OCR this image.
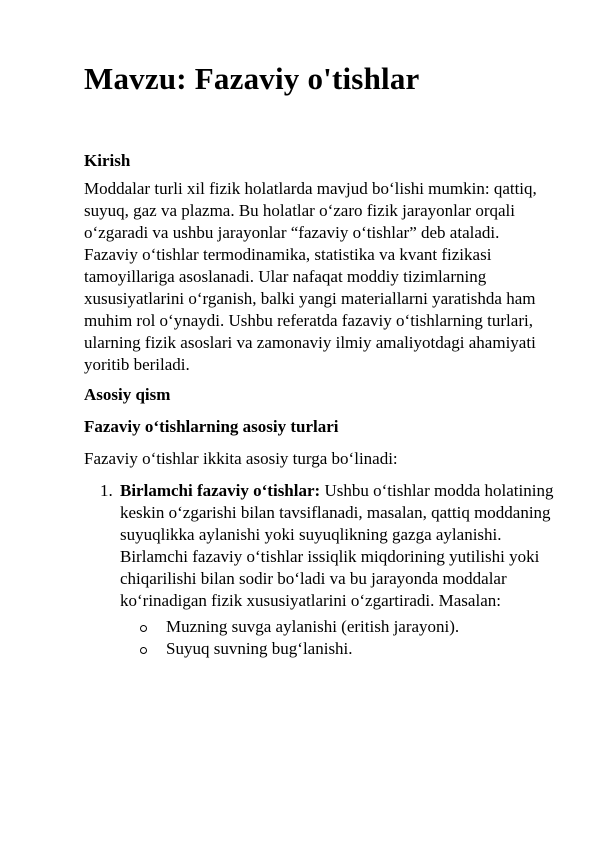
Mavzu: Fazaviy o'tishlar
Kirish

Moddalar turli xil fizik holatlarda mavjud bo‘lishi mumkin: qattiq, suyuq, gaz va plazma. Bu holatlar o‘zaro fizik jarayonlar orqali o‘zgaradi va ushbu jarayonlar “fazaviy o‘tishlar” deb ataladi. Fazaviy o‘tishlar termodinamika, statistika va kvant fizikasi tamoyillariga asoslanadi. Ular nafaqat moddiy tizimlarning xususiyatlarini o‘rganish, balki yangi materiallarni yaratishda ham muhim rol o‘ynaydi. Ushbu referatda fazaviy o‘tishlarning turlari, ularning fizik asoslari va zamonaviy ilmiy amaliyotdagi ahamiyati yoritib beriladi.

Asosiy qism
Fazaviy o‘tishlarning asosiy turlari

Fazaviy o‘tishlar ikkita asosiy turga bo‘linadi:

1. Birlamchi fazaviy o‘tishlar: Ushbu o‘tishlar modda holatining keskin o‘zgarishi bilan tavsiflanadi, masalan, qattiq moddaning suyuqlikka aylanishi yoki suyuqlikning gazga aylanishi. Birlamchi fazaviy o‘tishlar issiqlik miqdorining yutilishi yoki chiqarilishi bilan sodir bo‘ladi va bu jarayonda moddalar ko‘rinadigan fizik xususiyatlarini o‘zgartiradi. Masalan:
Muzning suvga aylanishi (eritish jarayoni).
Suyuq suvning bug‘lanishi.
